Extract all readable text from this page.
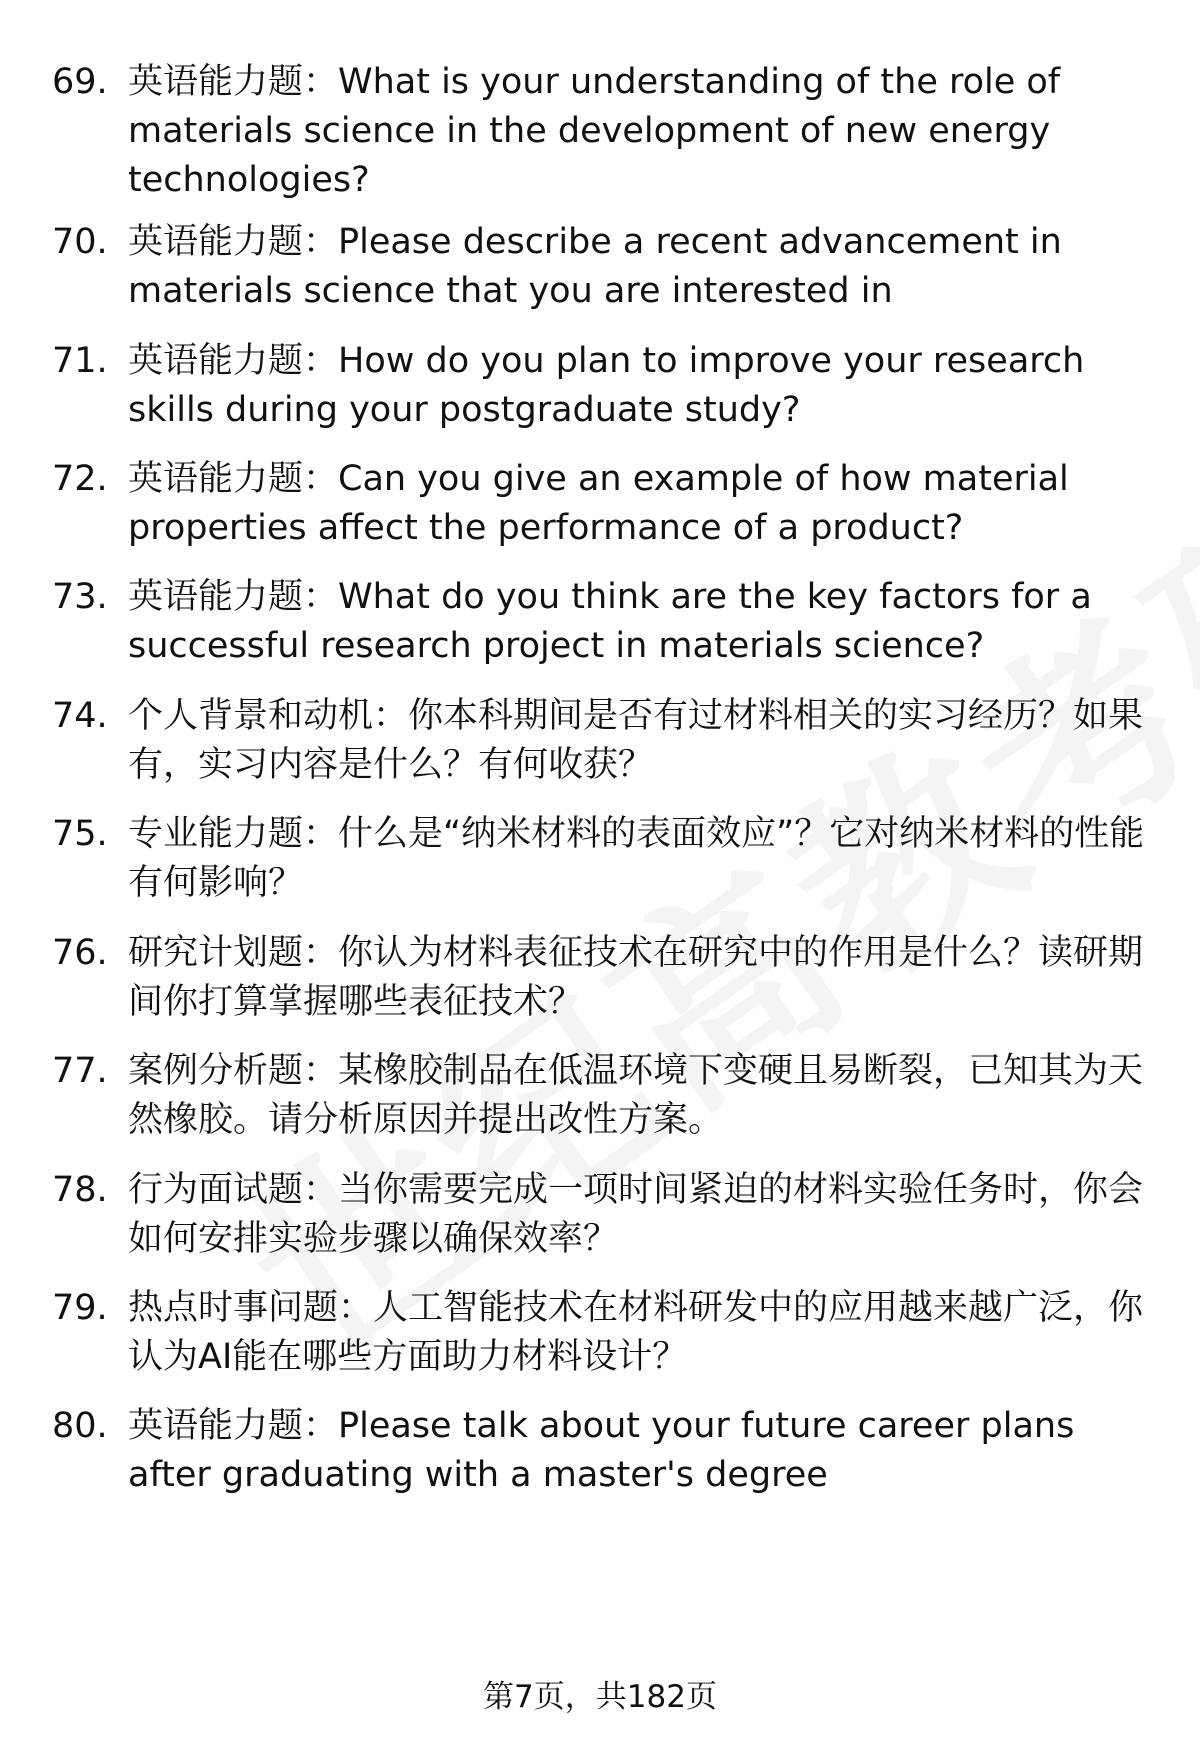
69. 英语能力题：What is your understanding of the role of materials science in the development of new energy technologies?
70. 英语能力题：Please describe a recent advancement in materials science that you are interested in
71. 英语能力题：How do you plan to improve your research skills during your postgraduate study?
72. 英语能力题：Can you give an example of how material properties affect the performance of a product?
73. 英语能力题：What do you think are the key factors for a successful research project in materials science?
74. 个人背景和动机：你本科期间是否有过材料相关的实习经历？如果有，实习内容是什么？有何收获？
75. 专业能力题：什么是“纳米材料的表面效应”？它对纳米材料的性能有何影响？
76. 研究计划题：你认为材料表征技术在研究中的作用是什么？读研期间你打算掌握哪些表征技术？
77. 案例分析题：某橡胶制品在低温环境下变硬且易断裂，已知其为天然橡胶。请分析原因并提出改性方案。
78. 行为面试题：当你需要完成一项时间紧迫的材料实验任务时，你会如何安排实验步骤以确保效率？
79. 热点时事问题：人工智能技术在材料研发中的应用越来越广泛，你认为AI能在哪些方面助力材料设计？
80. 英语能力题：Please talk about your future career plans after graduating with a master's degree
第7页，共182页
